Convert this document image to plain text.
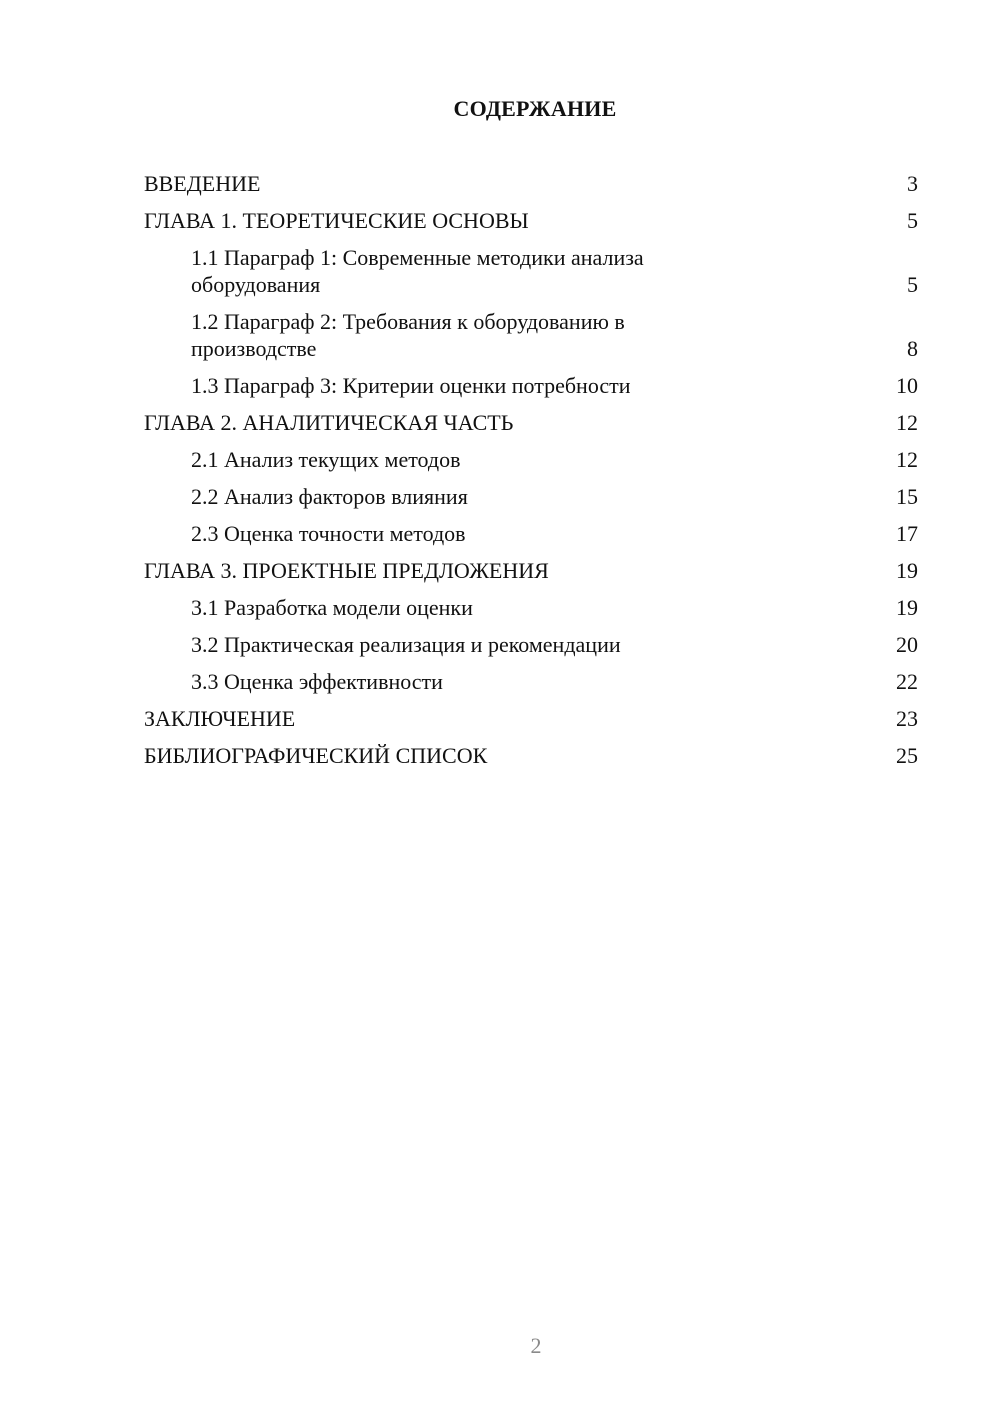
СОДЕРЖАНИЕ
ВВЕДЕНИЕ	3
ГЛАВА 1. ТЕОРЕТИЧЕСКИЕ ОСНОВЫ	5
1.1 Параграф 1: Современные методики анализа оборудования	5
1.2 Параграф 2: Требования к оборудованию в производстве	8
1.3 Параграф 3: Критерии оценки потребности	10
ГЛАВА 2. АНАЛИТИЧЕСКАЯ ЧАСТЬ	12
2.1 Анализ текущих методов	12
2.2 Анализ факторов влияния	15
2.3 Оценка точности методов	17
ГЛАВА 3. ПРОЕКТНЫЕ ПРЕДЛОЖЕНИЯ	19
3.1 Разработка модели оценки	19
3.2 Практическая реализация и рекомендации	20
3.3 Оценка эффективности	22
ЗАКЛЮЧЕНИЕ	23
БИБЛИОГРАФИЧЕСКИЙ СПИСОК	25
2
